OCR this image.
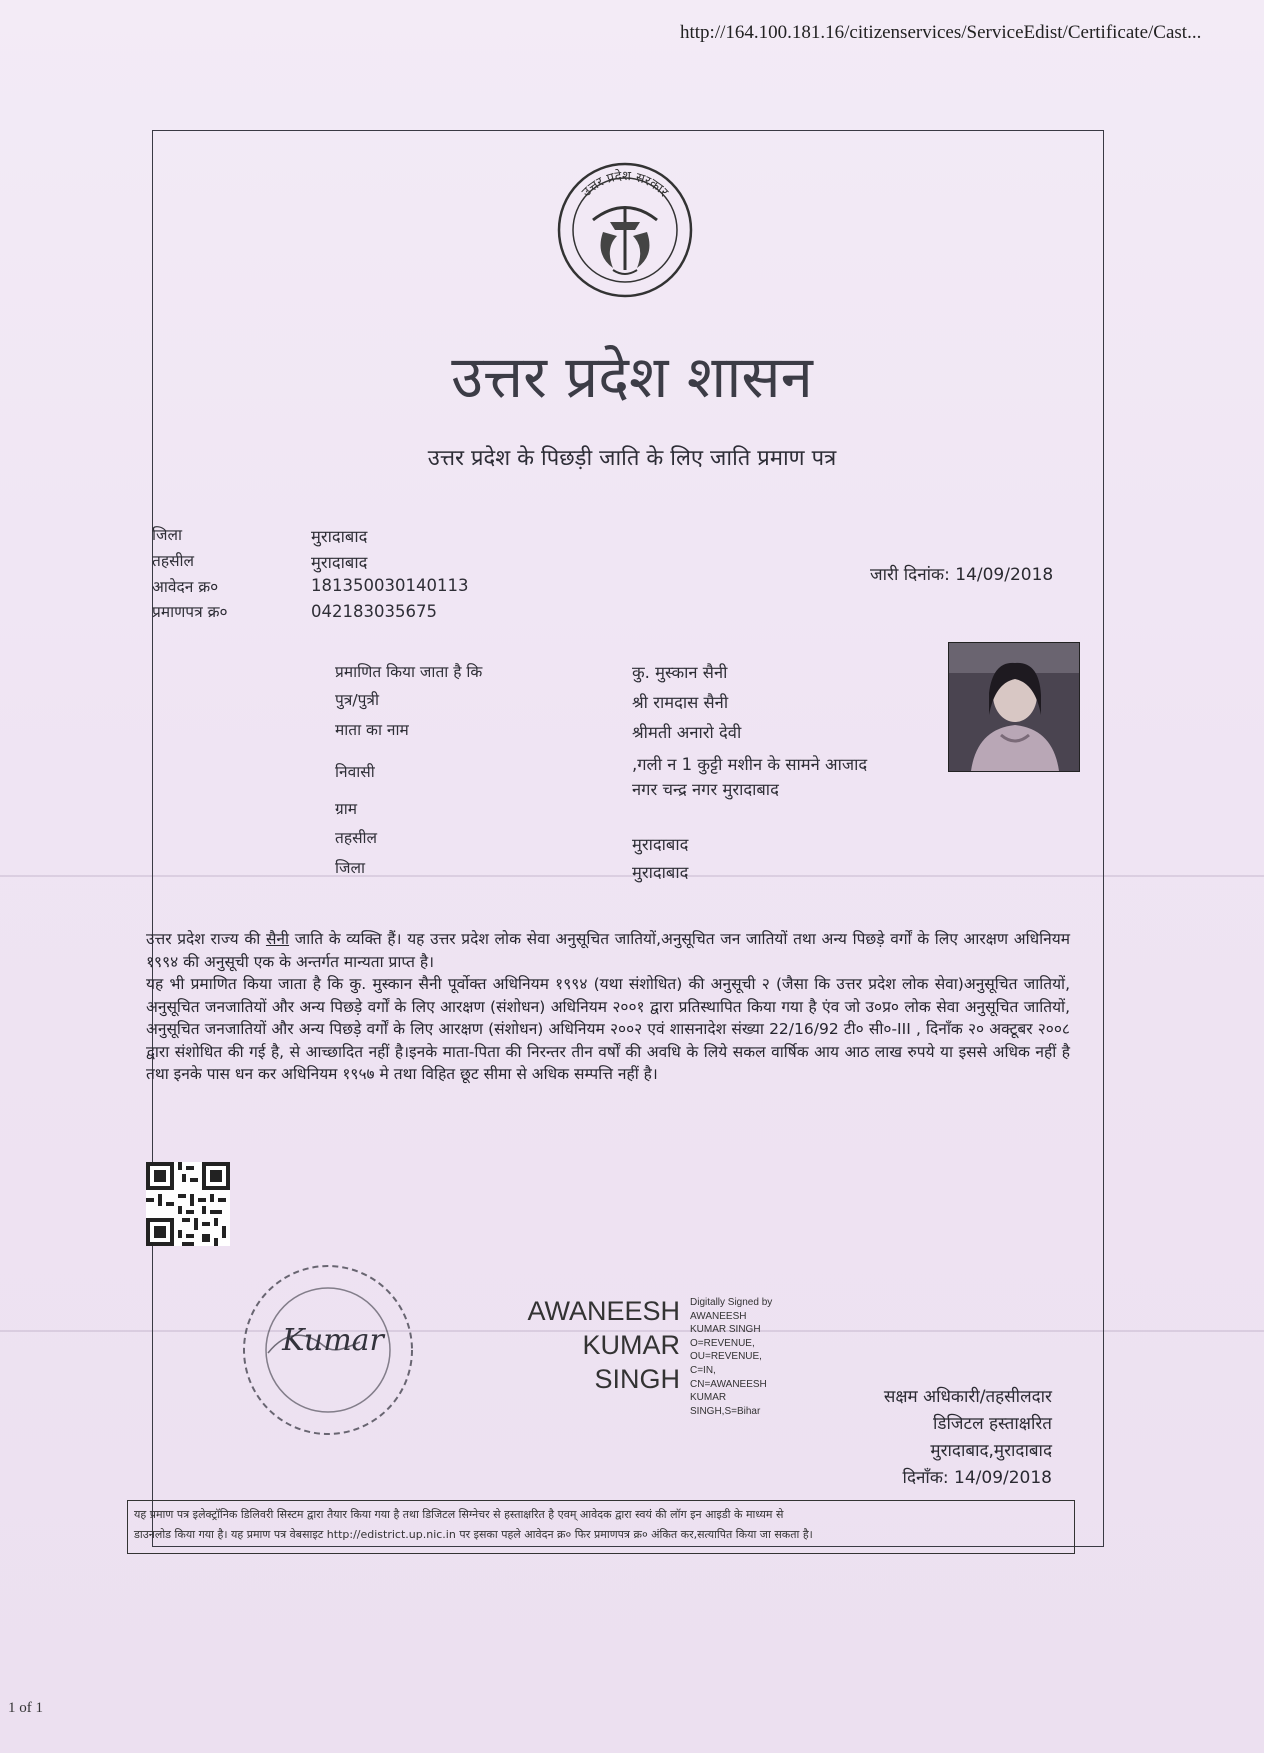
http://164.100.181.16/citizenservices/ServiceEdist/Certificate/Cast...
उत्तर प्रदेश सरकार
उत्तर प्रदेश शासन
उत्तर प्रदेश के पिछड़ी जाति के लिए जाति प्रमाण पत्र
जिला	मुरादाबाद
तहसील	मुरादाबाद
आवेदन क्र०	181350030140113
प्रमाणपत्र क्र०	042183035675
जारी दिनांक: 14/09/2018
प्रमाणित किया जाता है कि	कु. मुस्कान सैनी
पुत्र/पुत्री	श्री रामदास सैनी
माता का नाम	श्रीमती अनारो देवी
निवासी	,गली न 1 कुट्टी मशीन के सामने आजाद
नगर चन्द्र नगर मुरादाबाद
ग्राम
तहसील	मुरादाबाद
जिला	मुरादाबाद
उत्तर प्रदेश राज्य की सैनी जाति के व्यक्ति हैं। यह उत्तर प्रदेश लोक सेवा अनुसूचित जातियों,अनुसूचित जन जातियों तथा अन्य पिछड़े वर्गों के लिए आरक्षण अधिनियम १९९४ की अनुसूची एक के अन्तर्गत मान्यता प्राप्त है।
यह भी प्रमाणित किया जाता है कि कु. मुस्कान सैनी पूर्वोक्त अधिनियम १९९४ (यथा संशोधित) की अनुसूची २ (जैसा कि उत्तर प्रदेश लोक सेवा)अनुसूचित जातियों, अनुसूचित जनजातियों और अन्य पिछड़े वर्गों के लिए आरक्षण (संशोधन) अधिनियम २००१ द्वारा प्रतिस्थापित किया गया है एंव जो उ०प्र० लोक सेवा अनुसूचित जातियों, अनुसूचित जनजातियों और अन्य पिछड़े वर्गों के लिए आरक्षण (संशोधन) अधिनियम २००२ एवं शासनादेश संख्या 22/16/92 टी० सी०-III , दिनाँक २० अक्टूबर २००८ द्वारा संशोधित की गई है, से आच्छादित नहीं है।इनके माता-पिता की निरन्तर तीन वर्षों की अवधि के लिये सकल वार्षिक आय आठ लाख रुपये या इससे अधिक नहीं है तथा इनके पास धन कर अधिनियम १९५७ मे तथा विहित छूट सीमा से अधिक सम्पत्ति नहीं है।
Kumar
AWANEESH
KUMAR
SINGH
Digitally Signed by
AWANEESH
KUMAR SINGH
O=REVENUE,
OU=REVENUE,
C=IN,
CN=AWANEESH
KUMAR
SINGH,S=Bihar
सक्षम अधिकारी/तहसीलदार
डिजिटल हस्ताक्षरित
मुरादाबाद,मुरादाबाद
दिनाँक: 14/09/2018
यह प्रमाण पत्र इलेक्ट्रॉनिक डिलिवरी सिस्टम द्वारा तैयार किया गया है तथा डिजिटल सिग्नेचर से हस्ताक्षरित है एवम् आवेदक द्वारा स्वयं की लॉग इन आइडी के माध्यम से
डाउनलोड किया गया है। यह प्रमाण पत्र वेबसाइट http://edistrict.up.nic.in पर इसका पहले आवेदन क्र० फिर प्रमाणपत्र क्र० अंकित कर,सत्यापित किया जा सकता है।
1 of 1
